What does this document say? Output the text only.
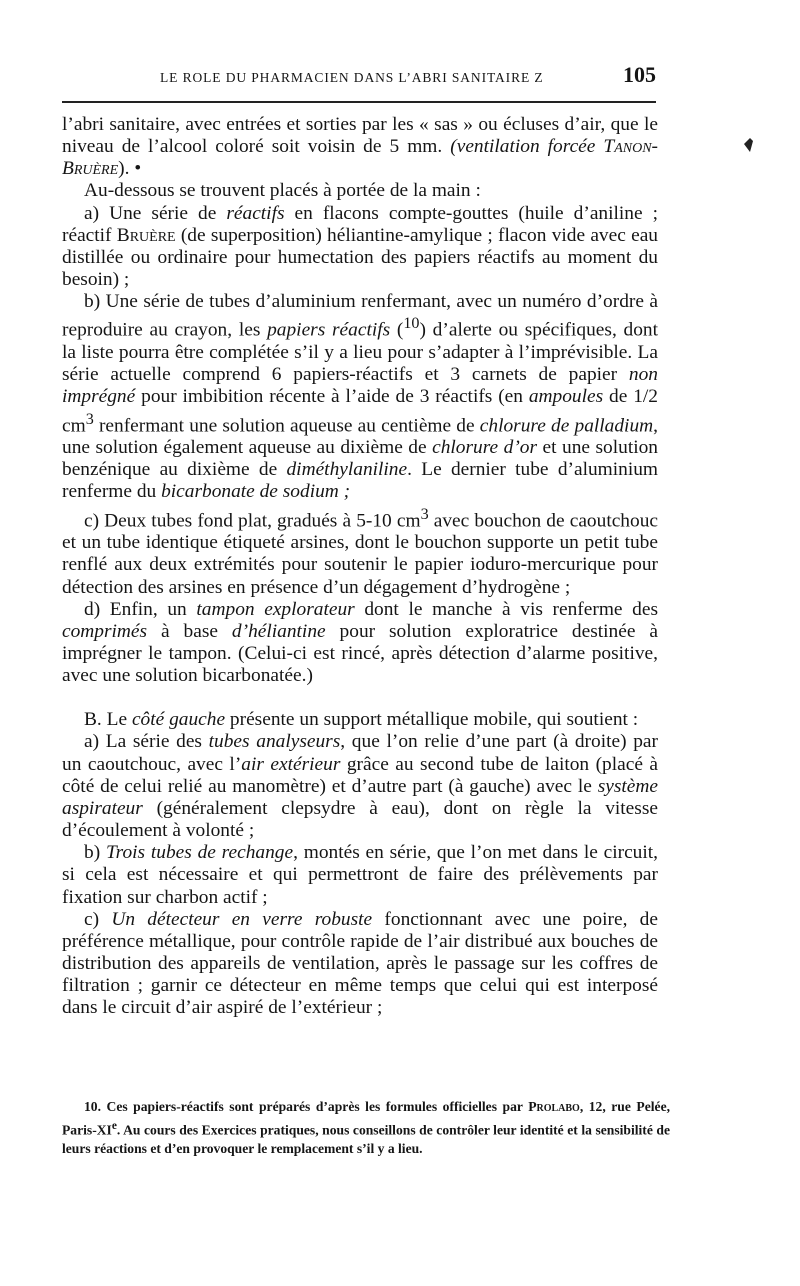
LE ROLE DU PHARMACIEN DANS L’ABRI SANITAIRE Z	105

l’abri sanitaire, avec entrées et sorties par les « sas » ou écluses d’air, que le niveau de l’alcool coloré soit voisin de 5 mm. (ventilation forcée Tanon-Bruère). •

Au-dessous se trouvent placés à portée de la main :

a) Une série de réactifs en flacons compte-gouttes (huile d’aniline ; réactif Bruère (de superposition) héliantine-amylique ; flacon vide avec eau distillée ou ordinaire pour humectation des papiers réactifs au moment du besoin) ;

b) Une série de tubes d’aluminium renfermant, avec un numéro d’ordre à reproduire au crayon, les papiers réactifs ($^{10}$) d’alerte ou spécifiques, dont la liste pourra être complétée s’il y a lieu pour s’adapter à l’imprévisible. La série actuelle comprend 6 papiers-réactifs et 3 carnets de papier non imprégné pour imbibition récente à l’aide de 3 réactifs (en ampoules de 1/2 $cm^3$ renfermant une solution aqueuse au centième de chlorure de palladium, une solution également aqueuse au dixième de chlorure d’or et une solution benzénique au dixième de diméthylaniline. Le dernier tube d’aluminium renferme du bicarbonate de sodium ;

c) Deux tubes fond plat, gradués à 5-10 $cm^3$ avec bouchon de caoutchouc et un tube identique étiqueté arsines, dont le bouchon supporte un petit tube renflé aux deux extrémités pour soutenir le papier ioduro-mercurique pour détection des arsines en présence d’un dégagement d’hydrogène ;

d) Enfin, un tampon explorateur dont le manche à vis renferme des comprimés à base d’héliantine pour solution exploratrice destinée à imprégner le tampon. (Celui-ci est rincé, après détection d’alarme positive, avec une solution bicarbonatée.)

B. Le côté gauche présente un support métallique mobile, qui soutient :

a) La série des tubes analyseurs, que l’on relie d’une part (à droite) par un caoutchouc, avec l’air extérieur grâce au second tube de laiton (placé à côté de celui relié au manomètre) et d’autre part (à gauche) avec le système aspirateur (généralement clepsydre à eau), dont on règle la vitesse d’écoulement à volonté ;

b) Trois tubes de rechange, montés en série, que l’on met dans le circuit, si cela est nécessaire et qui permettront de faire des prélèvements par fixation sur charbon actif ;

c) Un détecteur en verre robuste fonctionnant avec une poire, de préférence métallique, pour contrôle rapide de l’air distribué aux bouches de distribution des appareils de ventilation, après le passage sur les coffres de filtration ; garnir ce détecteur en même temps que celui qui est interposé dans le circuit d’air aspiré de l’extérieur ;

10. Ces papiers-réactifs sont préparés d’après les formules officielles par Prolabo, 12, rue Pelée, Paris-XIe. Au cours des Exercices pratiques, nous conseillons de contrôler leur identité et la sensibilité de leurs réactions et d’en provoquer le remplacement s’il y a lieu.
